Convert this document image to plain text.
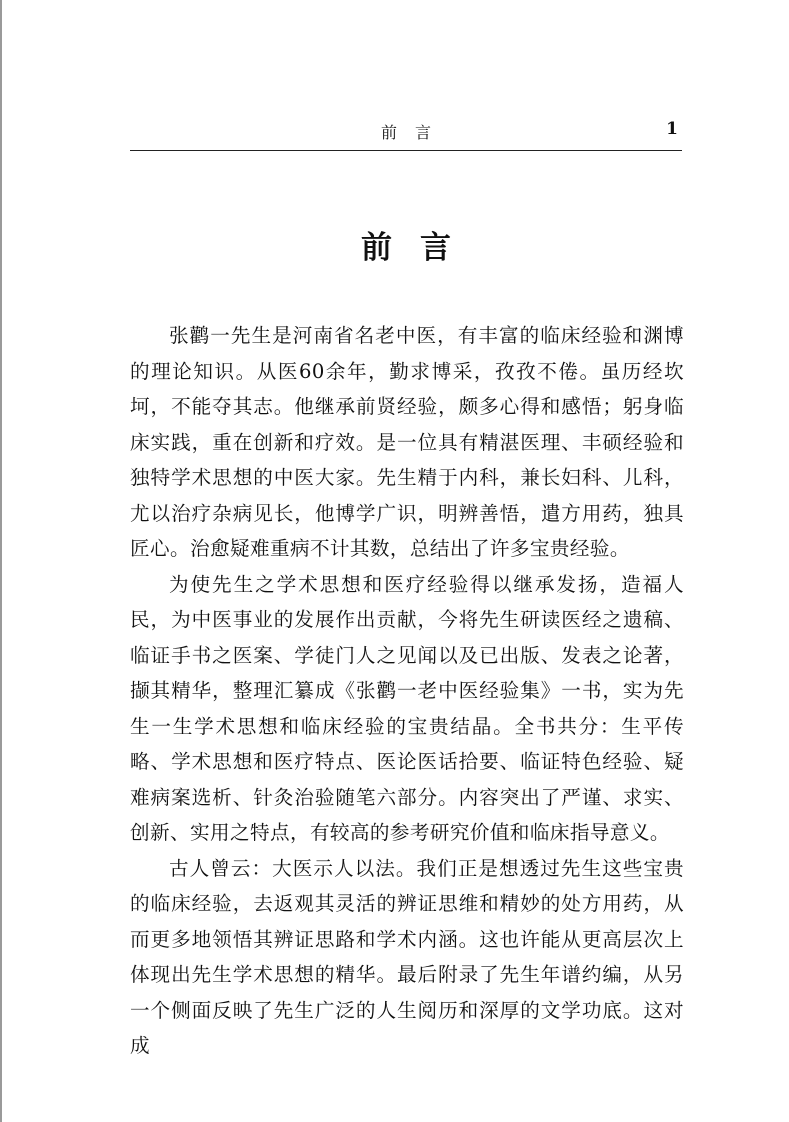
前言	1
前言

张鹳一先生是河南省名老中医，有丰富的临床经验和渊博的理论知识。从医60余年，勤求博采，孜孜不倦。虽历经坎坷，不能夺其志。他继承前贤经验，颇多心得和感悟；躬身临床实践，重在创新和疗效。是一位具有精湛医理、丰硕经验和独特学术思想的中医大家。先生精于内科，兼长妇科、儿科，尤以治疗杂病见长，他博学广识，明辨善悟，遣方用药，独具匠心。治愈疑难重病不计其数，总结出了许多宝贵经验。

为使先生之学术思想和医疗经验得以继承发扬，造福人民，为中医事业的发展作出贡献，今将先生研读医经之遗稿、临证手书之医案、学徒门人之见闻以及已出版、发表之论著，撷其精华，整理汇纂成《张鹳一老中医经验集》一书，实为先生一生学术思想和临床经验的宝贵结晶。全书共分：生平传略、学术思想和医疗特点、医论医话拾要、临证特色经验、疑难病案选析、针灸治验随笔六部分。内容突出了严谨、求实、创新、实用之特点，有较高的参考研究价值和临床指导意义。

古人曾云：大医示人以法。我们正是想透过先生这些宝贵的临床经验，去返观其灵活的辨证思维和精妙的处方用药，从而更多地领悟其辨证思路和学术内涵。这也许能从更高层次上体现出先生学术思想的精华。最后附录了先生年谱约编，从另一个侧面反映了先生广泛的人生阅历和深厚的文学功底。这对成
